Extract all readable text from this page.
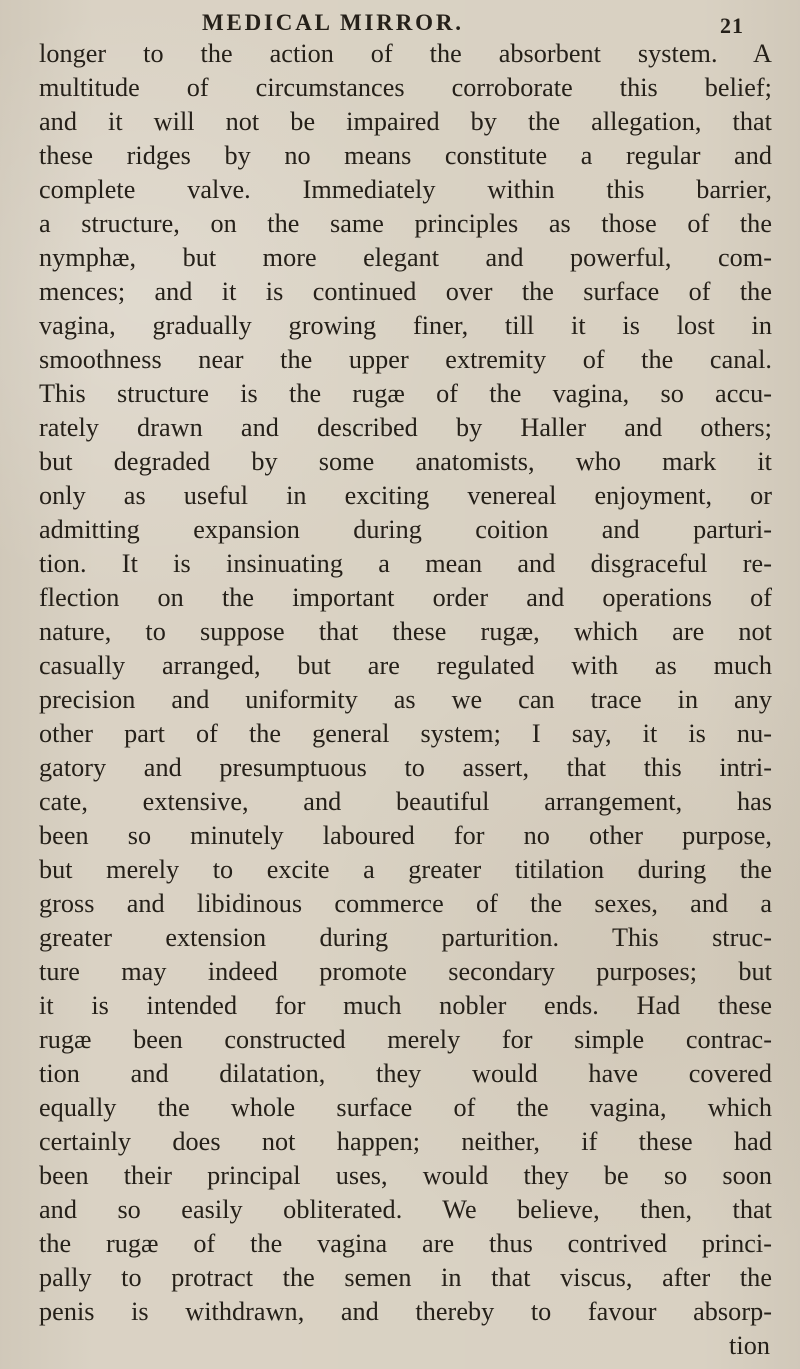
MEDICAL MIRROR.	21
longer to the action of the absorbent system. A
multitude of circumstances corroborate this belief;
and it will not be impaired by the allegation, that
these ridges by no means constitute a regular and
complete valve. Immediately within this barrier,
a structure, on the same principles as those of the
nymphæ, but more elegant and powerful, com-
mences; and it is continued over the surface of the
vagina, gradually growing finer, till it is lost in
smoothness near the upper extremity of the canal.
This structure is the rugæ of the vagina, so accu-
rately drawn and described by Haller and others;
but degraded by some anatomists, who mark it
only as useful in exciting venereal enjoyment, or
admitting expansion during coition and parturi-
tion. It is insinuating a mean and disgraceful re-
flection on the important order and operations of
nature, to suppose that these rugæ, which are not
casually arranged, but are regulated with as much
precision and uniformity as we can trace in any
other part of the general system; I say, it is nu-
gatory and presumptuous to assert, that this intri-
cate, extensive, and beautiful arrangement, has
been so minutely laboured for no other purpose,
but merely to excite a greater titilation during the
gross and libidinous commerce of the sexes, and a
greater extension during parturition. This struc-
ture may indeed promote secondary purposes; but
it is intended for much nobler ends. Had these
rugæ been constructed merely for simple contrac-
tion and dilatation, they would have covered
equally the whole surface of the vagina, which
certainly does not happen; neither, if these had
been their principal uses, would they be so soon
and so easily obliterated. We believe, then, that
the rugæ of the vagina are thus contrived princi-
pally to protract the semen in that viscus, after the
penis is withdrawn, and thereby to favour absorp-
tion
